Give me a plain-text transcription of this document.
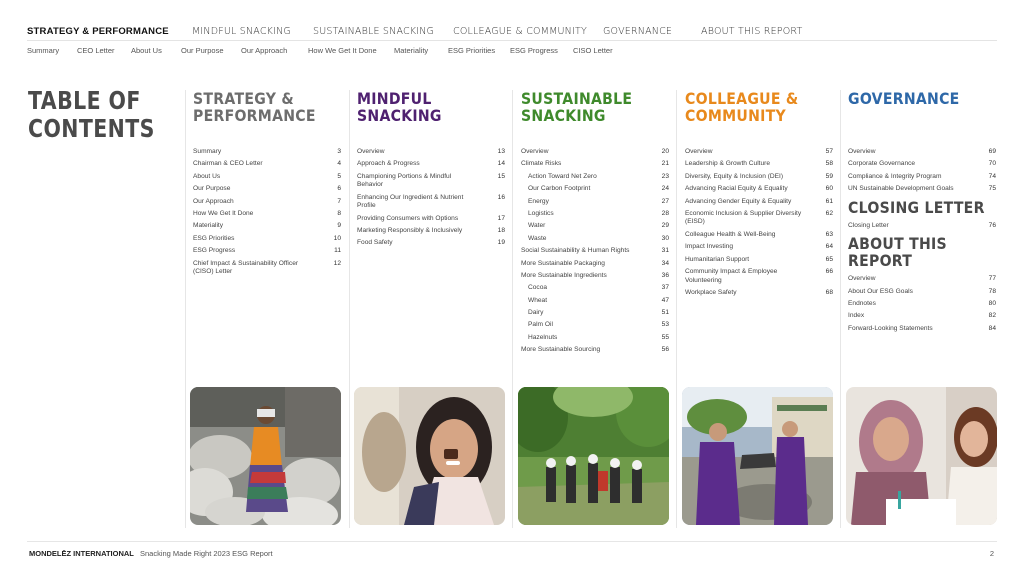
STRATEGY & PERFORMANCE MINDFUL SNACKING SUSTAINABLE SNACKING COLLEAGUE & COMMUNITY GOVERNANCE	ABOUT THIS REPORT
Summary CEO Letter About Us	Our Purpose Our Approach	How We Get It Done Materiality	ESG Priorities ESG Progress CISO Letter
TABLE OF
CONTENTS
STRATEGY &
PERFORMANCE
Summary	3
Chairman & CEO Letter	4
About Us	5
Our Purpose	6
Our Approach	7
How We Get It Done	8
Materiality	9
ESG Priorities	10
ESG Progress	11
Chief Impact & Sustainability Officer (CISO) Letter
12
MINDFUL
SNACKING
Overview	13
Approach & Progress	14
Championing Portions & Mindful Behavior
15
Enhancing Our Ingredient & Nutrient Profile
16
Providing Consumers with Options	17
Marketing Responsibly & Inclusively	18
Food Safety	19
SUSTAINABLE
SNACKING
Overview	20
Climate Risks	21
Action Toward Net Zero	23
Our Carbon Footprint	24
Energy	27
Logistics	28
Water	29
Waste	30
Social Sustainability & Human Rights	31
More Sustainable Packaging	34
More Sustainable Ingredients	36
Cocoa	37
Wheat	47
Dairy	51
Palm Oil	53
Hazelnuts	55
More Sustainable Sourcing	56
COLLEAGUE &
COMMUNITY
Overview	57
Leadership & Growth Culture	58
Diversity, Equity & Inclusion (DEI)	59
Advancing Racial Equity & Equality	60
Advancing Gender Equity & Equality	61
Economic Inclusion & Supplier Diversity (EISD)
62
Colleague Health & Well-Being	63
Impact Investing	64
Humanitarian Support	65
Community Impact & Employee Volunteering
66
Workplace Safety	68
GOVERNANCE
Overview	69
Corporate Governance	70
Compliance & Integrity Program	74
UN Sustainable Development Goals	75
CLOSING LETTER
Closing Letter	76
ABOUT THIS
REPORT
Overview	77
About Our ESG Goals	78
Endnotes	80
Index	82
Forward-Looking Statements	84
MONDELĒZ INTERNATIONAL Snacking Made Right 2023 ESG Report	2
